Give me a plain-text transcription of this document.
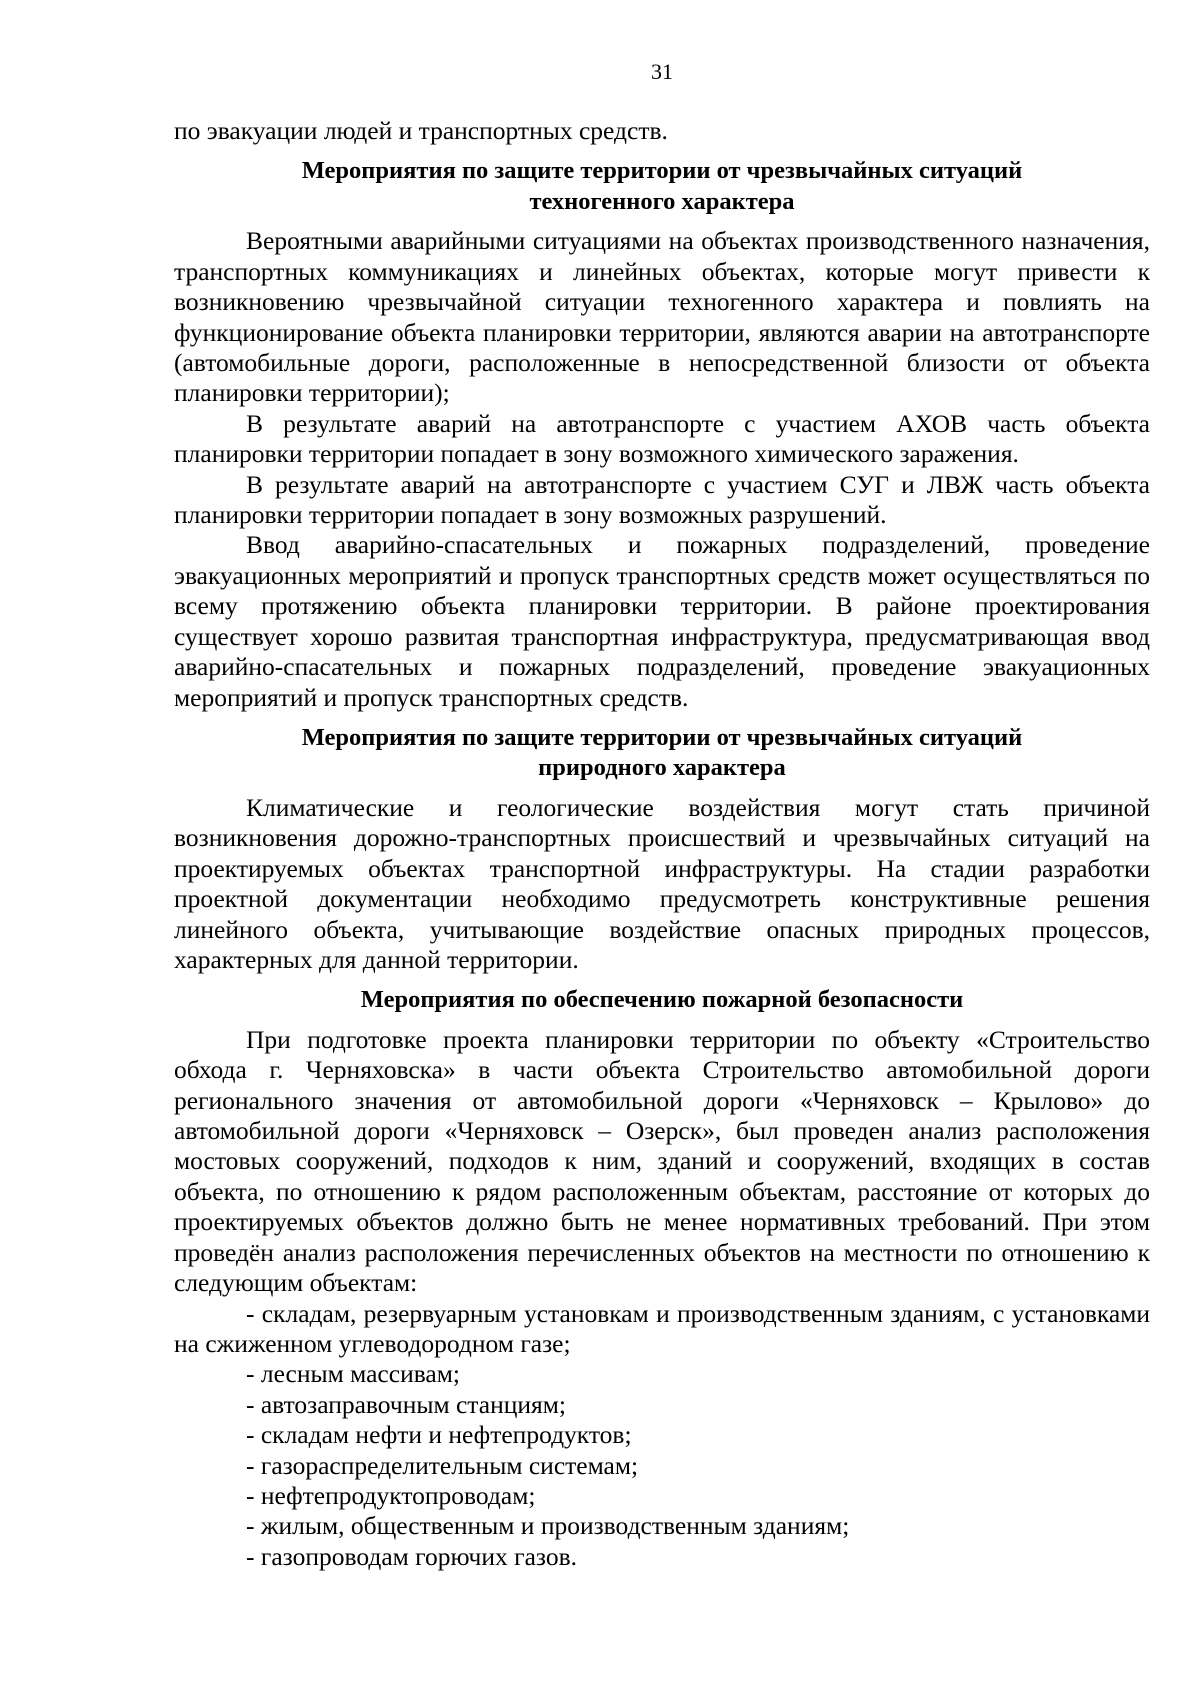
31

по эвакуации людей и транспортных средств.

Мероприятия по защите территории от чрезвычайных ситуаций
техногенного характера

Вероятными аварийными ситуациями на объектах производственного назначения, транспортных коммуникациях и линейных объектах, которые могут привести к возникновению чрезвычайной ситуации техногенного характера и повлиять на функционирование объекта планировки территории, являются аварии на автотранспорте (автомобильные дороги, расположенные в непосредственной близости от объекта планировки территории);

В результате аварий на автотранспорте с участием АХОВ часть объекта планировки территории попадает в зону возможного химического заражения.

В результате аварий на автотранспорте с участием СУГ и ЛВЖ часть объекта планировки территории попадает в зону возможных разрушений.

Ввод аварийно-спасательных и пожарных подразделений, проведение эвакуационных мероприятий и пропуск транспортных средств может осуществляться по всему протяжению объекта планировки территории. В районе проектирования существует хорошо развитая транспортная инфраструктура, предусматривающая ввод аварийно-спасательных и пожарных подразделений, проведение эвакуационных мероприятий и пропуск транспортных средств.

Мероприятия по защите территории от чрезвычайных ситуаций
природного характера

Климатические и геологические воздействия могут стать причиной возникновения дорожно-транспортных происшествий и чрезвычайных ситуаций на проектируемых объектах транспортной инфраструктуры. На стадии разработки проектной документации необходимо предусмотреть конструктивные решения линейного объекта, учитывающие воздействие опасных природных процессов, характерных для данной территории.

Мероприятия по обеспечению пожарной безопасности

При подготовке проекта планировки территории по объекту «Строительство обхода г. Черняховска» в части объекта Строительство автомобильной дороги регионального значения от автомобильной дороги «Черняховск – Крылово» до автомобильной дороги «Черняховск – Озерск», был проведен анализ расположения мостовых сооружений, подходов к ним, зданий и сооружений, входящих в состав объекта, по отношению к рядом расположенным объектам, расстояние от которых до проектируемых объектов должно быть не менее нормативных требований. При этом проведён анализ расположения перечисленных объектов на местности по отношению к следующим объектам:

- складам, резервуарным установкам и производственным зданиям, с установками на сжиженном углеводородном газе;

- лесным массивам;

- автозаправочным станциям;

- складам нефти и нефтепродуктов;

- газораспределительным системам;

- нефтепродуктопроводам;

- жилым, общественным и производственным зданиям;

- газопроводам горючих газов.
